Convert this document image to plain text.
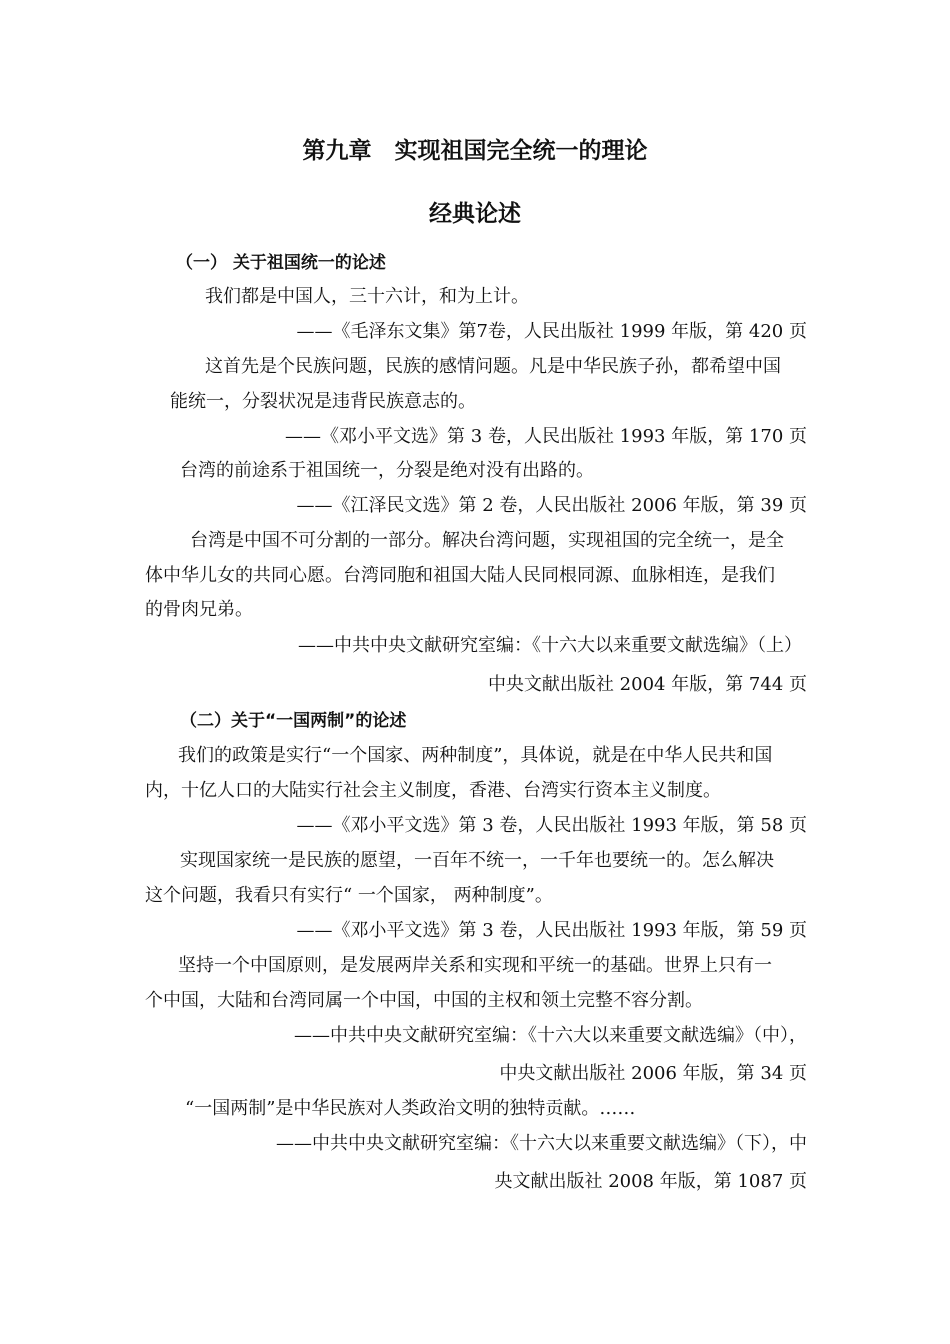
第九章　实现祖国完全统一的理论
经典论述
（一） 关于祖国统一的论述
我们都是中国人，三十六计，和为上计。
——《毛泽东文集》第7卷，人民出版社 1999 年版，第 420 页
这首先是个民族问题，民族的感情问题。凡是中华民族子孙，都希望中国
能统一，分裂状况是违背民族意志的。
——《邓小平文选》第 3 卷，人民出版社 1993 年版，第 170 页
台湾的前途系于祖国统一，分裂是绝对没有出路的。
——《江泽民文选》第 2 卷，人民出版社 2006 年版，第 39 页
台湾是中国不可分割的一部分。解决台湾问题，实现祖国的完全统一，是全
体中华儿女的共同心愿。台湾同胞和祖国大陆人民同根同源、血脉相连，是我们
的骨肉兄弟。
——中共中央文献研究室编：《十六大以来重要文献选编》（上）
中央文献出版社 2004 年版，第 744 页
（二）关于“一国两制”的论述
我们的政策是实行“一个国家、两种制度”，具体说，就是在中华人民共和国
内，十亿人口的大陆实行社会主义制度，香港、台湾实行资本主义制度。
——《邓小平文选》第 3 卷，人民出版社 1993 年版，第 58 页
实现国家统一是民族的愿望，一百年不统一，一千年也要统一的。怎么解决
这个问题，我看只有实行“ 一个国家， 两种制度”。
——《邓小平文选》第 3 卷，人民出版社 1993 年版，第 59 页
坚持一个中国原则，是发展两岸关系和实现和平统一的基础。世界上只有一
个中国，大陆和台湾同属一个中国，中国的主权和领土完整不容分割。
——中共中央文献研究室编：《十六大以来重要文献选编》（中），
中央文献出版社 2006 年版，第 34 页
“一国两制”是中华民族对人类政治文明的独特贡献。……
——中共中央文献研究室编：《十六大以来重要文献选编》（下），中
央文献出版社 2008 年版，第 1087 页
